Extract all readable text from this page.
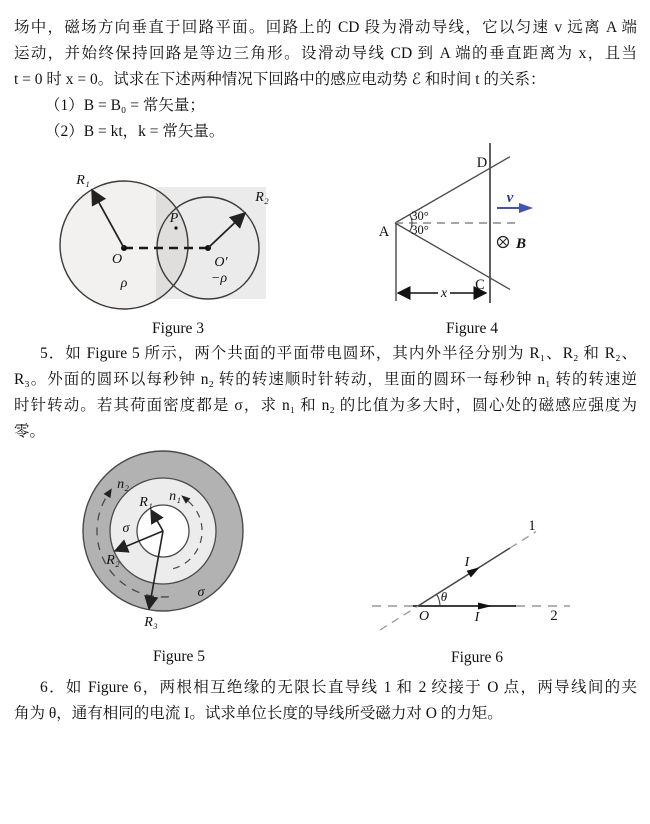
场中，磁场方向垂直于回路平面。回路上的 CD 段为滑动导线，它以匀速 v 远离 A 端
运动，并始终保持回路是等边三角形。设滑动导线 CD 到 A 端的垂直距离为 x，且当
t = 0 时 x = 0。试求在下述两种情况下回路中的感应电动势 ℰ 和时间 t 的关系：
（1）B = B₀ = 常矢量；
（2）B = kt，k = 常矢量。
R₁
R₂
P
O	O′
ρ	−ρ
Figure 3
D
A
C
30°
30°
v
B
x
Figure 4
5．如 Figure 5 所示，两个共面的平面带电圆环，其内外半径分别为 R₁、R₂ 和 R₂、
R₃。外面的圆环以每秒钟 n₂ 转的转速顺时针转动，里面的圆环一每秒钟 n₁ 转的转速逆
时针转动。若其荷面密度都是 σ，求 n₁ 和 n₂ 的比值为多大时，圆心处的磁感应强度为
零。
n₂
n₁
R₁
R₂
R₃
σ
σ
Figure 5
1
2
I
I
θ
O
Figure 6
6．如 Figure 6，两根相互绝缘的无限长直导线 1 和 2 绞接于 O 点，两导线间的夹
角为 θ，通有相同的电流 I。试求单位长度的导线所受磁力对 O 的力矩。
